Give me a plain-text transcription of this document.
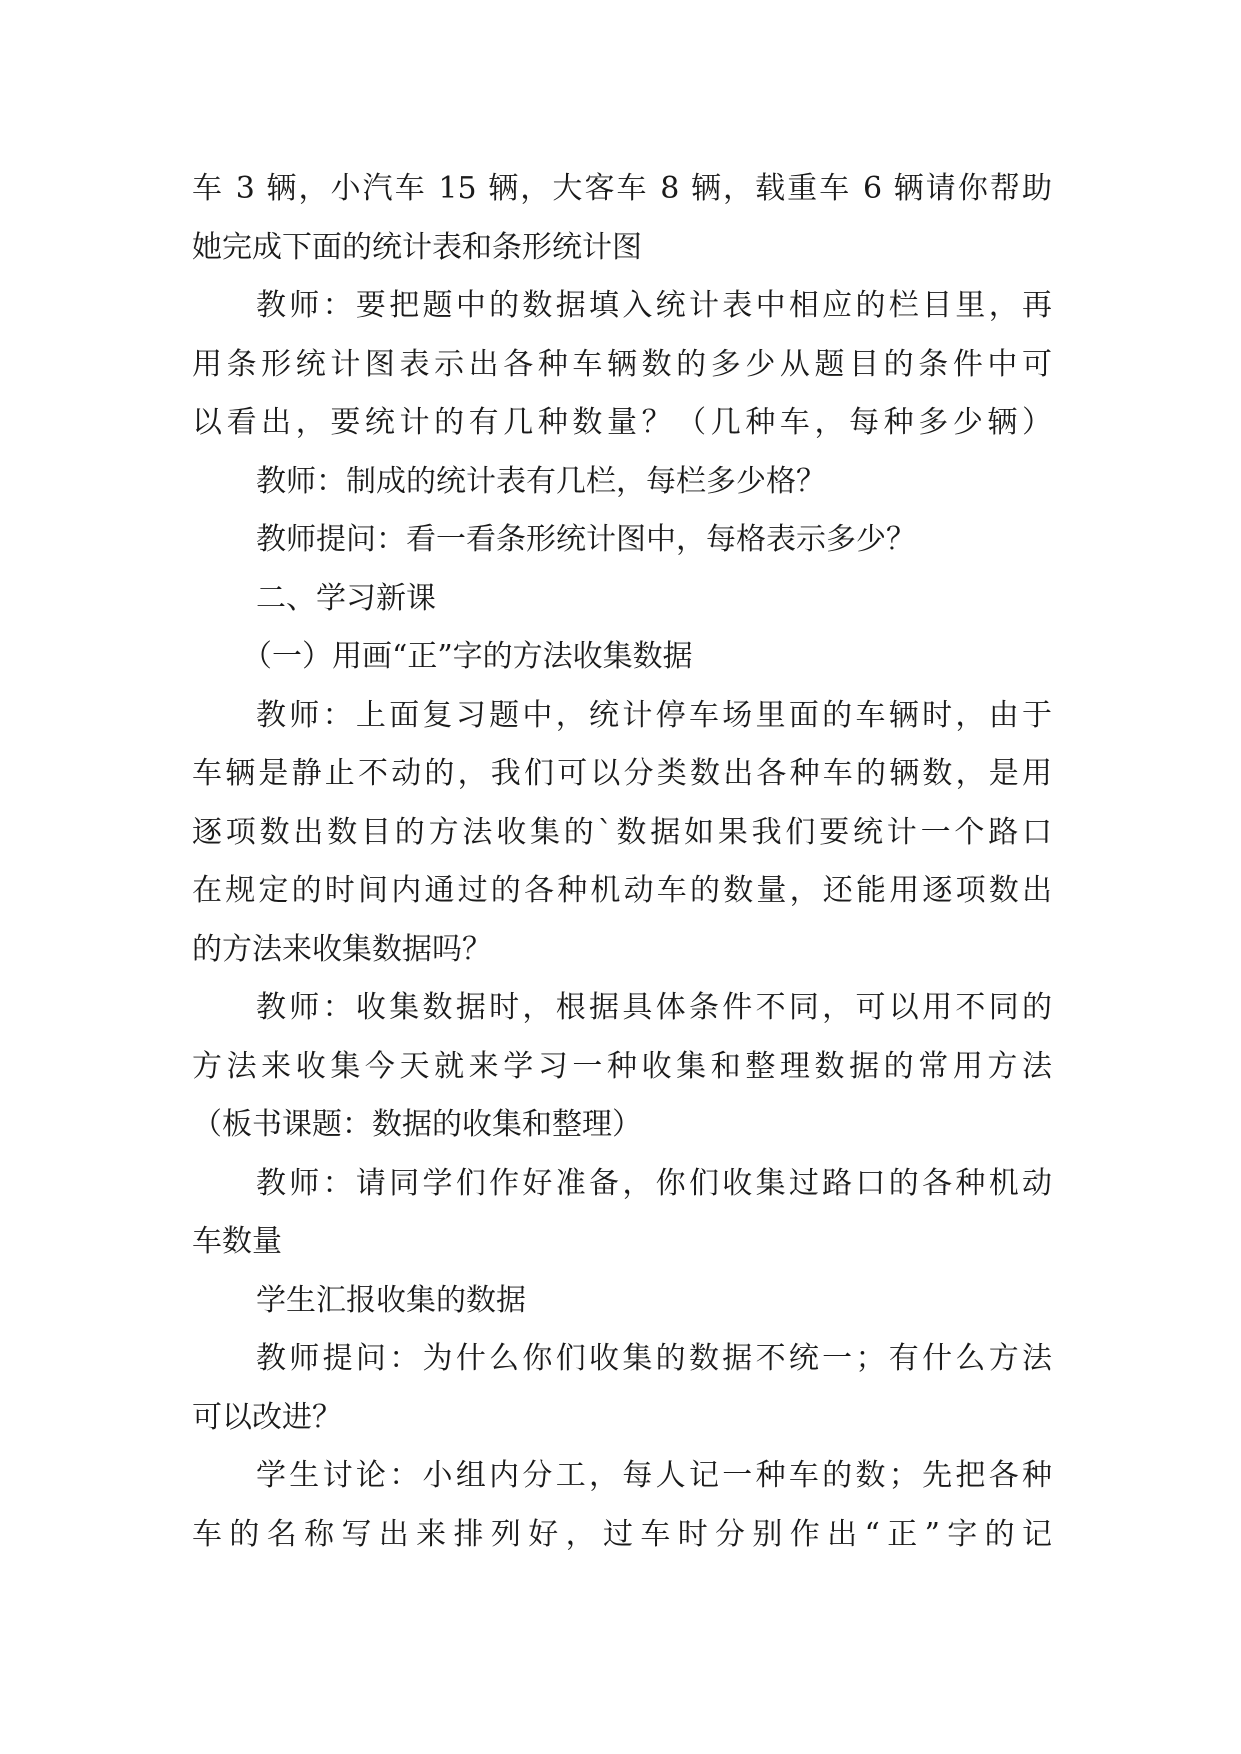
车 3 辆，小汽车 15 辆，大客车 8 辆，载重车 6 辆请你帮助
她完成下面的统计表和条形统计图
教师：要把题中的数据填入统计表中相应的栏目里，再
用条形统计图表示出各种车辆数的多少从题目的条件中可
以看出，要统计的有几种数量？（几种车，每种多少辆）
教师：制成的统计表有几栏，每栏多少格？
教师提问：看一看条形统计图中，每格表示多少？
二、学习新课
（一）用画“正”字的方法收集数据
教师：上面复习题中，统计停车场里面的车辆时，由于
车辆是静止不动的，我们可以分类数出各种车的辆数，是用
逐项数出数目的方法收集的`数据如果我们要统计一个路口
在规定的时间内通过的各种机动车的数量，还能用逐项数出
的方法来收集数据吗？
教师：收集数据时，根据具体条件不同，可以用不同的
方法来收集今天就来学习一种收集和整理数据的常用方法
（板书课题：数据的收集和整理）
教师：请同学们作好准备，你们收集过路口的各种机动
车数量
学生汇报收集的数据
教师提问：为什么你们收集的数据不统一；有什么方法
可以改进？
学生讨论：小组内分工，每人记一种车的数；先把各种
车的名称写出来排列好，过车时分别作出“正”字的记
